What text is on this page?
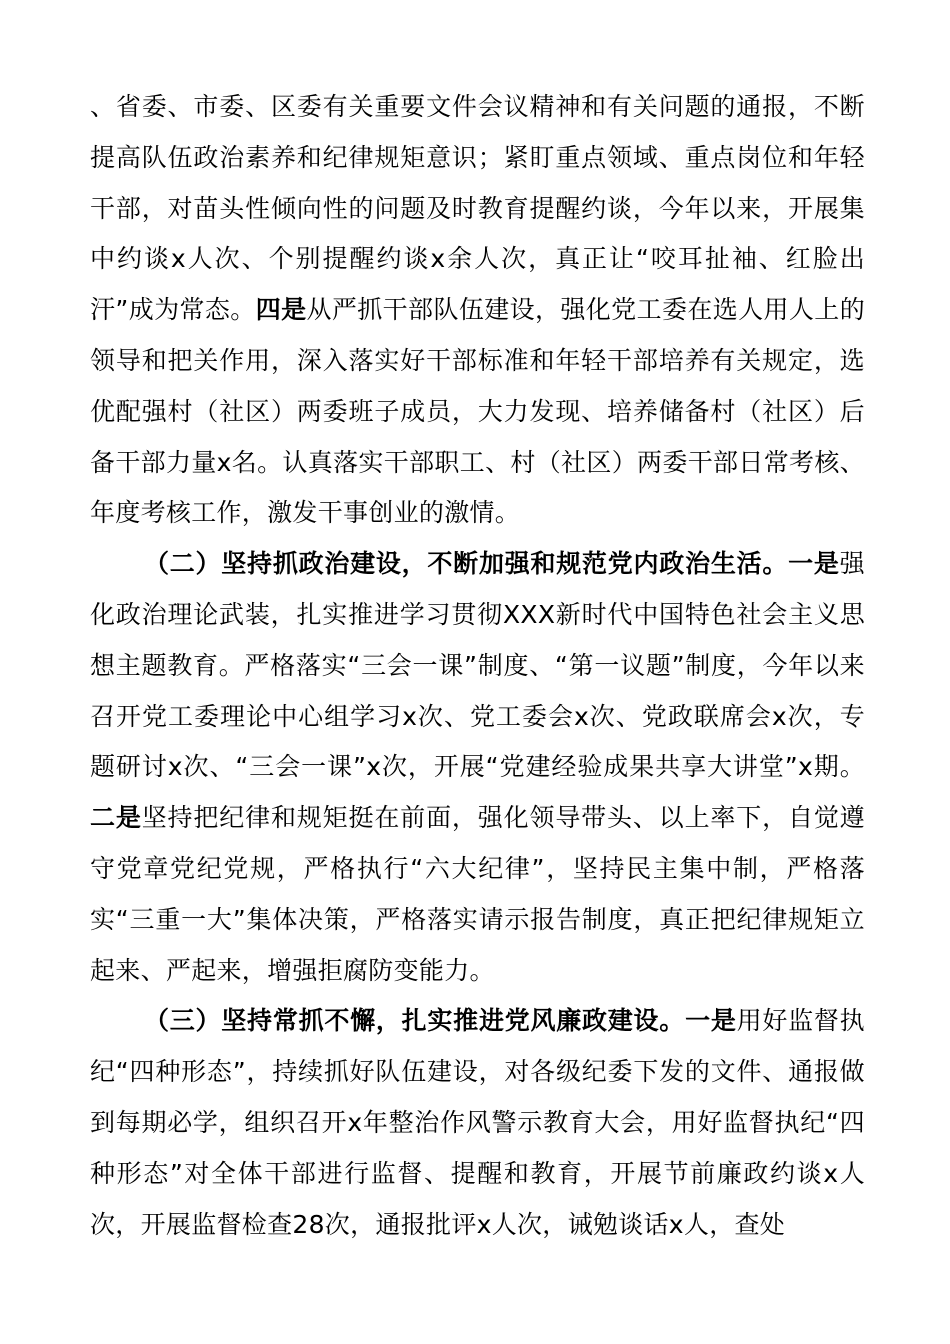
、省委、市委、区委有关重要文件会议精神和有关问题的通报，不断提高队伍政治素养和纪律规矩意识；紧盯重点领域、重点岗位和年轻干部，对苗头性倾向性的问题及时教育提醒约谈，今年以来，开展集中约谈x人次、个别提醒约谈x余人次，真正让“咬耳扯袖、红脸出汗”成为常态。四是从严抓干部队伍建设，强化党工委在选人用人上的领导和把关作用，深入落实好干部标准和年轻干部培养有关规定，选优配强村（社区）两委班子成员，大力发现、培养储备村（社区）后备干部力量x名。认真落实干部职工、村（社区）两委干部日常考核、年度考核工作，激发干事创业的激情。

（二）坚持抓政治建设，不断加强和规范党内政治生活。一是强化政治理论武装，扎实推进学习贯彻XXX新时代中国特色社会主义思想主题教育。严格落实“三会一课”制度、“第一议题”制度，今年以来召开党工委理论中心组学习x次、党工委会x次、党政联席会x次，专题研讨x次、“三会一课”x次，开展“党建经验成果共享大讲堂”x期。二是坚持把纪律和规矩挺在前面，强化领导带头、以上率下，自觉遵守党章党纪党规，严格执行“六大纪律”，坚持民主集中制，严格落实“三重一大”集体决策，严格落实请示报告制度，真正把纪律规矩立起来、严起来，增强拒腐防变能力。

（三）坚持常抓不懈，扎实推进党风廉政建设。一是用好监督执纪“四种形态”，持续抓好队伍建设，对各级纪委下发的文件、通报做到每期必学，组织召开x年整治作风警示教育大会，用好监督执纪“四种形态”对全体干部进行监督、提醒和教育，开展节前廉政约谈x人次，开展监督检查28次，通报批评x人次，诫勉谈话x人，查处
